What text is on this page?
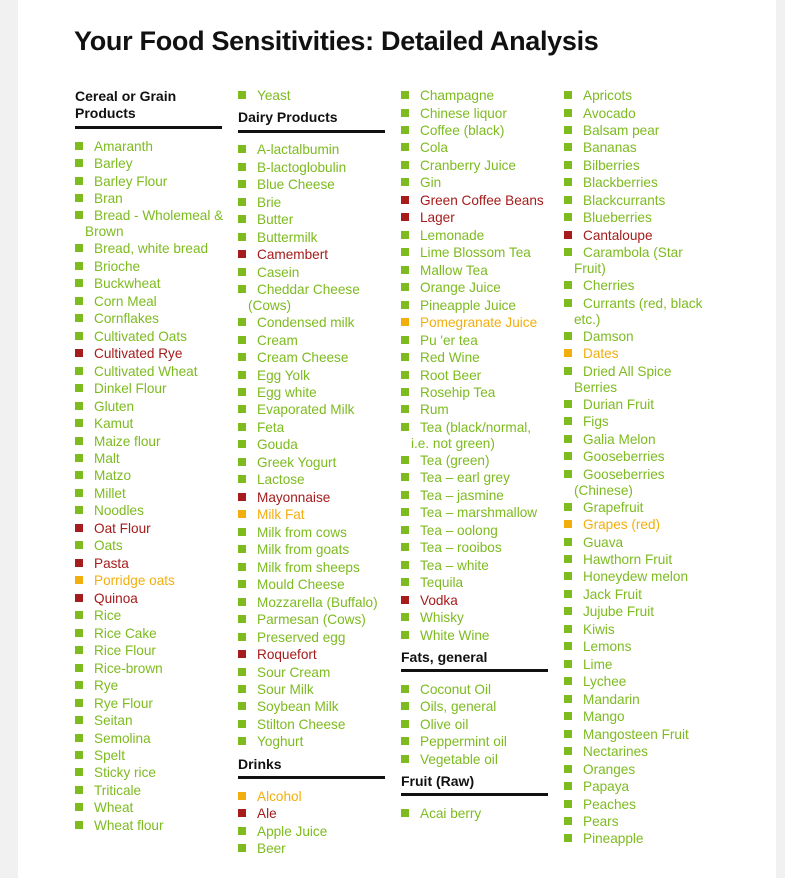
Your Food Sensitivities: Detailed Analysis
Cereal or Grain
Products
Amaranth
Barley
Barley Flour
Bran
Bread - Wholemeal &
Brown
Bread, white bread
Brioche
Buckwheat
Corn Meal
Cornflakes
Cultivated Oats
Cultivated Rye
Cultivated Wheat
Dinkel Flour
Gluten
Kamut
Maize flour
Malt
Matzo
Millet
Noodles
Oat Flour
Oats
Pasta
Porridge oats
Quinoa
Rice
Rice Cake
Rice Flour
Rice-brown
Rye
Rye Flour
Seitan
Semolina
Spelt
Sticky rice
Triticale
Wheat
Wheat flour
Yeast
Dairy Products
A-lactalbumin
B-lactoglobulin
Blue Cheese
Brie
Butter
Buttermilk
Camembert
Casein
Cheddar Cheese
(Cows)
Condensed milk
Cream
Cream Cheese
Egg Yolk
Egg white
Evaporated Milk
Feta
Gouda
Greek Yogurt
Lactose
Mayonnaise
Milk Fat
Milk from cows
Milk from goats
Milk from sheeps
Mould Cheese
Mozzarella (Buffalo)
Parmesan (Cows)
Preserved egg
Roquefort
Sour Cream
Sour Milk
Soybean Milk
Stilton Cheese
Yoghurt
Drinks
Alcohol
Ale
Apple Juice
Beer
Champagne
Chinese liquor
Coffee (black)
Cola
Cranberry Juice
Gin
Green Coffee Beans
Lager
Lemonade
Lime Blossom Tea
Mallow Tea
Orange Juice
Pineapple Juice
Pomegranate Juice
Pu 'er tea
Red Wine
Root Beer
Rosehip Tea
Rum
Tea (black/normal,
i.e. not green)
Tea (green)
Tea – earl grey
Tea – jasmine
Tea – marshmallow
Tea – oolong
Tea – rooibos
Tea – white
Tequila
Vodka
Whisky
White Wine
Fats, general
Coconut Oil
Oils, general
Olive oil
Peppermint oil
Vegetable oil
Fruit (Raw)
Acai berry
Apricots
Avocado
Balsam pear
Bananas
Bilberries
Blackberries
Blackcurrants
Blueberries
Cantaloupe
Carambola (Star
Fruit)
Cherries
Currants (red, black
etc.)
Damson
Dates
Dried All Spice
Berries
Durian Fruit
Figs
Galia Melon
Gooseberries
Gooseberries
(Chinese)
Grapefruit
Grapes (red)
Guava
Hawthorn Fruit
Honeydew melon
Jack Fruit
Jujube Fruit
Kiwis
Lemons
Lime
Lychee
Mandarin
Mango
Mangosteen Fruit
Nectarines
Oranges
Papaya
Peaches
Pears
Pineapple
